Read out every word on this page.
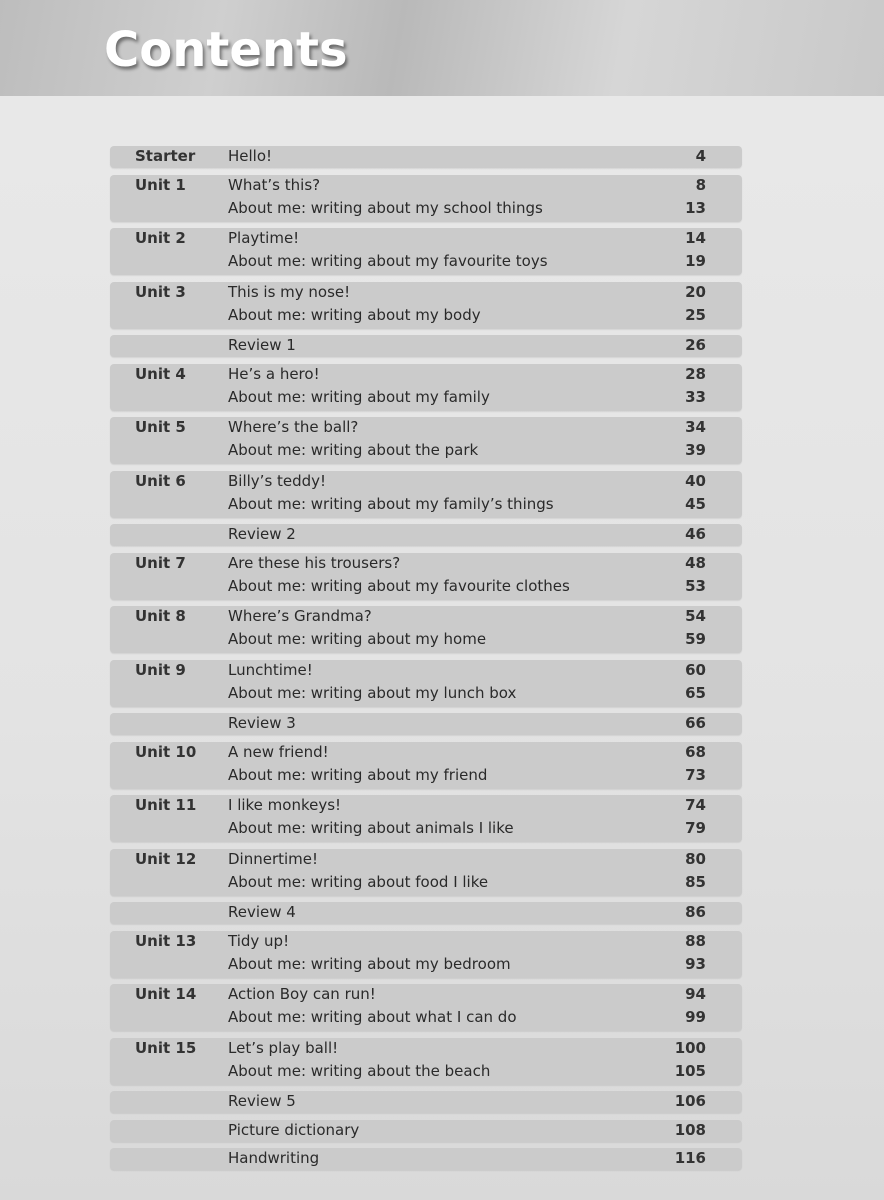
Contents
Starter Hello!	4
Unit 1	What’s this?	8
About me: writing about my school things	13
Unit 2	Playtime!	14
About me: writing about my favourite toys	19
Unit 3	This is my nose!	20
About me: writing about my body	25
Review 1	26
Unit 4	He’s a hero!	28
About me: writing about my family	33
Unit 5	Where’s the ball?	34
About me: writing about the park	39
Unit 6	Billy’s teddy!	40
About me: writing about my family’s things	45
Review 2	46
Unit 7	Are these his trousers?	48
About me: writing about my favourite clothes	53
Unit 8	Where’s Grandma?	54
About me: writing about my home	59
Unit 9	Lunchtime!	60
About me: writing about my lunch box	65
Review 3	66
Unit 10 A new friend!	68
About me: writing about my friend	73
Unit 11 I like monkeys!	74
About me: writing about animals I like	79
Unit 12 Dinnertime!	80
About me: writing about food I like	85
Review 4	86
Unit 13 Tidy up!	88
About me: writing about my bedroom	93
Unit 14 Action Boy can run!	94
About me: writing about what I can do	99
Unit 15 Let’s play ball!	100
About me: writing about the beach	105
Review 5	106
Picture dictionary	108
Handwriting	116
